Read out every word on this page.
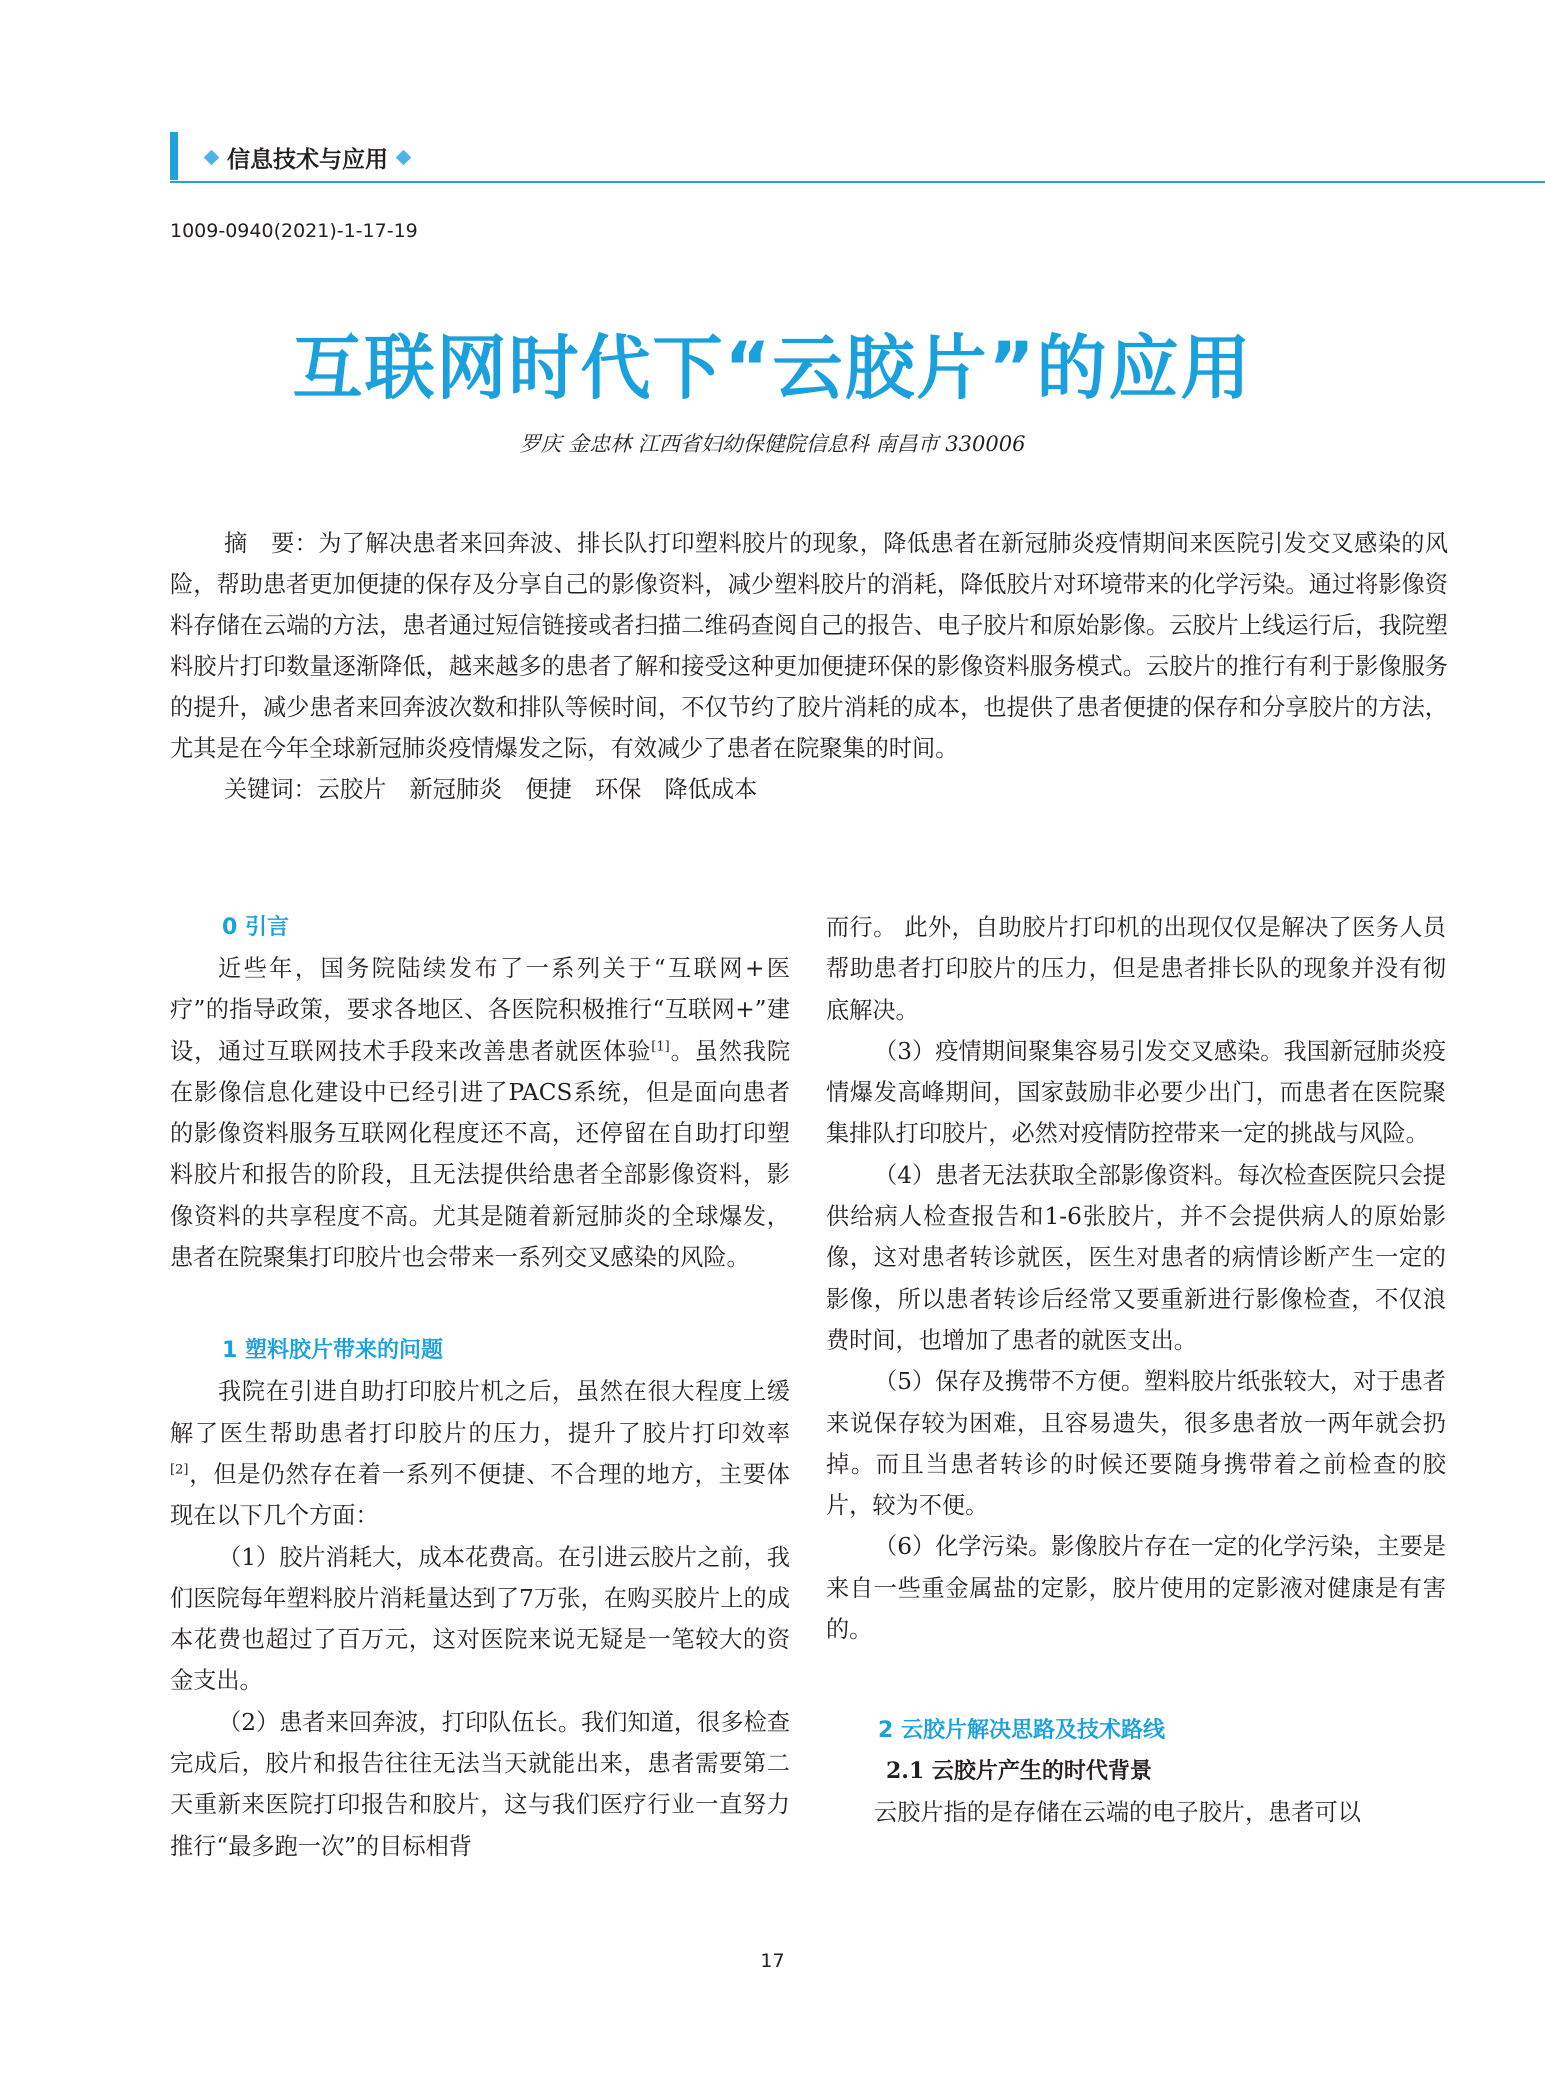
信息技术与应用
1009-0940(2021)-1-17-19
互联网时代下“云胶片”的应用
罗庆 金忠林 江西省妇幼保健院信息科 南昌市 330006

摘　要：为了解决患者来回奔波、排长队打印塑料胶片的现象，降低患者在新冠肺炎疫情期间来医院引发交叉感染的风险，帮助患者更加便捷的保存及分享自己的影像资料，减少塑料胶片的消耗，降低胶片对环境带来的化学污染。通过将影像资料存储在云端的方法，患者通过短信链接或者扫描二维码查阅自己的报告、电子胶片和原始影像。云胶片上线运行后，我院塑料胶片打印数量逐渐降低，越来越多的患者了解和接受这种更加便捷环保的影像资料服务模式。云胶片的推行有利于影像服务的提升，减少患者来回奔波次数和排队等候时间，不仅节约了胶片消耗的成本，也提供了患者便捷的保存和分享胶片的方法，尤其是在今年全球新冠肺炎疫情爆发之际，有效减少了患者在院聚集的时间。

关键词：云胶片　新冠肺炎　便捷　环保　降低成本

0 引言

近些年，国务院陆续发布了一系列关于“互联网+医疗”的指导政策，要求各地区、各医院积极推行“互联网+”建设，通过互联网技术手段来改善患者就医体验[1]。虽然我院在影像信息化建设中已经引进了PACS系统，但是面向患者的影像资料服务互联网化程度还不高，还停留在自助打印塑料胶片和报告的阶段，且无法提供给患者全部影像资料，影像资料的共享程度不高。尤其是随着新冠肺炎的全球爆发，患者在院聚集打印胶片也会带来一系列交叉感染的风险。

1 塑料胶片带来的问题

我院在引进自助打印胶片机之后，虽然在很大程度上缓解了医生帮助患者打印胶片的压力，提升了胶片打印效率[2]，但是仍然存在着一系列不便捷、不合理的地方，主要体现在以下几个方面：

（1）胶片消耗大，成本花费高。在引进云胶片之前，我们医院每年塑料胶片消耗量达到了7万张，在购买胶片上的成本花费也超过了百万元，这对医院来说无疑是一笔较大的资金支出。

（2）患者来回奔波，打印队伍长。我们知道，很多检查完成后，胶片和报告往往无法当天就能出来，患者需要第二天重新来医院打印报告和胶片，这与我们医疗行业一直努力推行“最多跑一次”的目标相背

而行。 此外，自助胶片打印机的出现仅仅是解决了医务人员帮助患者打印胶片的压力，但是患者排长队的现象并没有彻底解决。

（3）疫情期间聚集容易引发交叉感染。我国新冠肺炎疫情爆发高峰期间，国家鼓励非必要少出门，而患者在医院聚集排队打印胶片，必然对疫情防控带来一定的挑战与风险。

（4）患者无法获取全部影像资料。每次检查医院只会提供给病人检查报告和1-6张胶片，并不会提供病人的原始影像，这对患者转诊就医，医生对患者的病情诊断产生一定的影像，所以患者转诊后经常又要重新进行影像检查，不仅浪费时间，也增加了患者的就医支出。

（5）保存及携带不方便。塑料胶片纸张较大，对于患者来说保存较为困难，且容易遗失，很多患者放一两年就会扔掉。而且当患者转诊的时候还要随身携带着之前检查的胶片，较为不便。

（6）化学污染。影像胶片存在一定的化学污染，主要是来自一些重金属盐的定影，胶片使用的定影液对健康是有害的。

2 云胶片解决思路及技术路线
2.1 云胶片产生的时代背景

云胶片指的是存储在云端的电子胶片，患者可以

17
